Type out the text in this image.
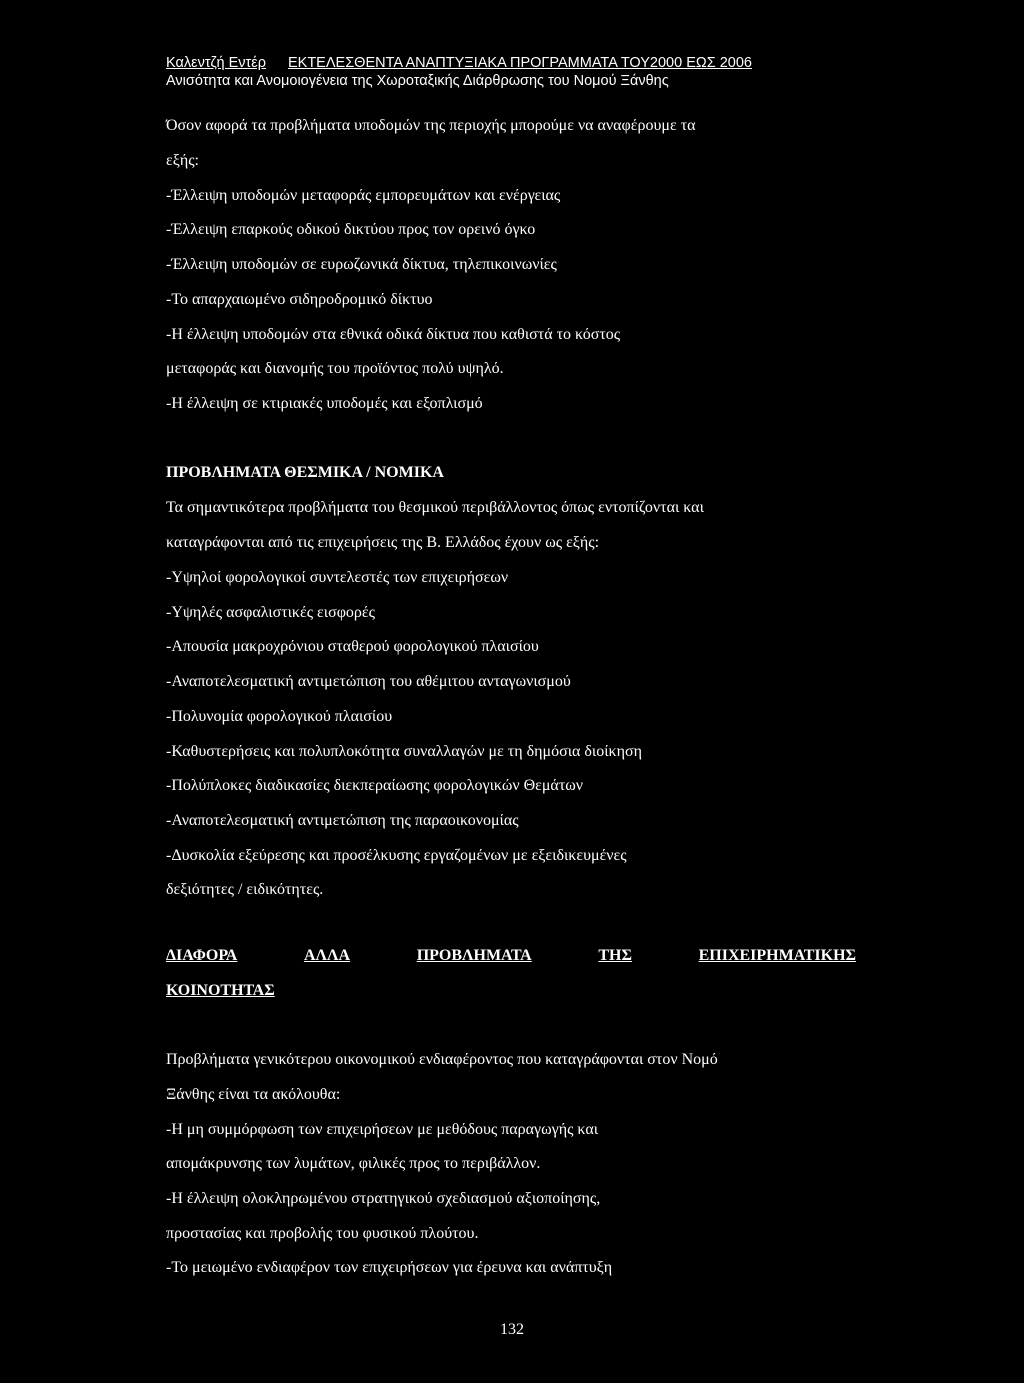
Καλεντζή Εντέρ ΕΚΤΕΛΕΣΘΕΝΤΑ ΑΝΑΠΤΥΞΙΑΚΑ ΠΡΟΓΡΑΜΜΑΤΑ ΤΟΥ2000 ΕΩΣ 2006
Ανισότητα και Ανομοιογένεια της Χωροταξικής Διάρθρωσης του Νομού Ξάνθης
Όσον αφορά τα προβλήματα υποδομών της περιοχής μπορούμε να αναφέρουμε τα
εξής:
-Έλλειψη υποδομών μεταφοράς εμπορευμάτων και ενέργειας
-Έλλειψη επαρκούς οδικού δικτύου προς τον ορεινό όγκο
-Έλλειψη υποδομών σε ευρωζωνικά δίκτυα, τηλεπικοινωνίες
-Το απαρχαιωμένο σιδηροδρομικό δίκτυο
-Η έλλειψη υποδομών στα εθνικά οδικά δίκτυα που καθιστά το κόστος
μεταφοράς και διανομής του προϊόντος πολύ υψηλό.
-Η έλλειψη σε κτιριακές υποδομές και εξοπλισμό
ΠΡΟΒΛΗΜΑΤΑ ΘΕΣΜΙΚΑ / ΝΟΜΙΚΑ
Τα σημαντικότερα προβλήματα του θεσμικού περιβάλλοντος όπως εντοπίζονται και
καταγράφονται από τις επιχειρήσεις της Β. Ελλάδος έχουν ως εξής:
-Υψηλοί φορολογικοί συντελεστές των επιχειρήσεων
-Υψηλές ασφαλιστικές εισφορές
-Απουσία μακροχρόνιου σταθερού φορολογικού πλαισίου
-Αναποτελεσματική αντιμετώπιση του αθέμιτου ανταγωνισμού
-Πολυνομία φορολογικού πλαισίου
-Καθυστερήσεις και πολυπλοκότητα συναλλαγών με τη δημόσια διοίκηση
-Πολύπλοκες διαδικασίες διεκπεραίωσης φορολογικών Θεμάτων
-Αναποτελεσματική αντιμετώπιση της παραοικονομίας
-Δυσκολία εξεύρεσης και προσέλκυσης εργαζομένων με εξειδικευμένες
δεξιότητες / ειδικότητες.
ΔΙΑΦΟΡΑ	ΑΛΛΑ	ΠΡΟΒΛΗΜΑΤΑ	ΤΗΣ	ΕΠΙΧΕΙΡΗΜΑΤΙΚΗΣ
ΚΟΙΝΟΤΗΤΑΣ
Προβλήματα γενικότερου οικονομικού ενδιαφέροντος που καταγράφονται στον Νομό
Ξάνθης είναι τα ακόλουθα:
-Η μη συμμόρφωση των επιχειρήσεων με μεθόδους παραγωγής και
απομάκρυνσης των λυμάτων, φιλικές προς το περιβάλλον.
-Η έλλειψη ολοκληρωμένου στρατηγικού σχεδιασμού αξιοποίησης,
προστασίας και προβολής του φυσικού πλούτου.
-Το μειωμένο ενδιαφέρον των επιχειρήσεων για έρευνα και ανάπτυξη
132
